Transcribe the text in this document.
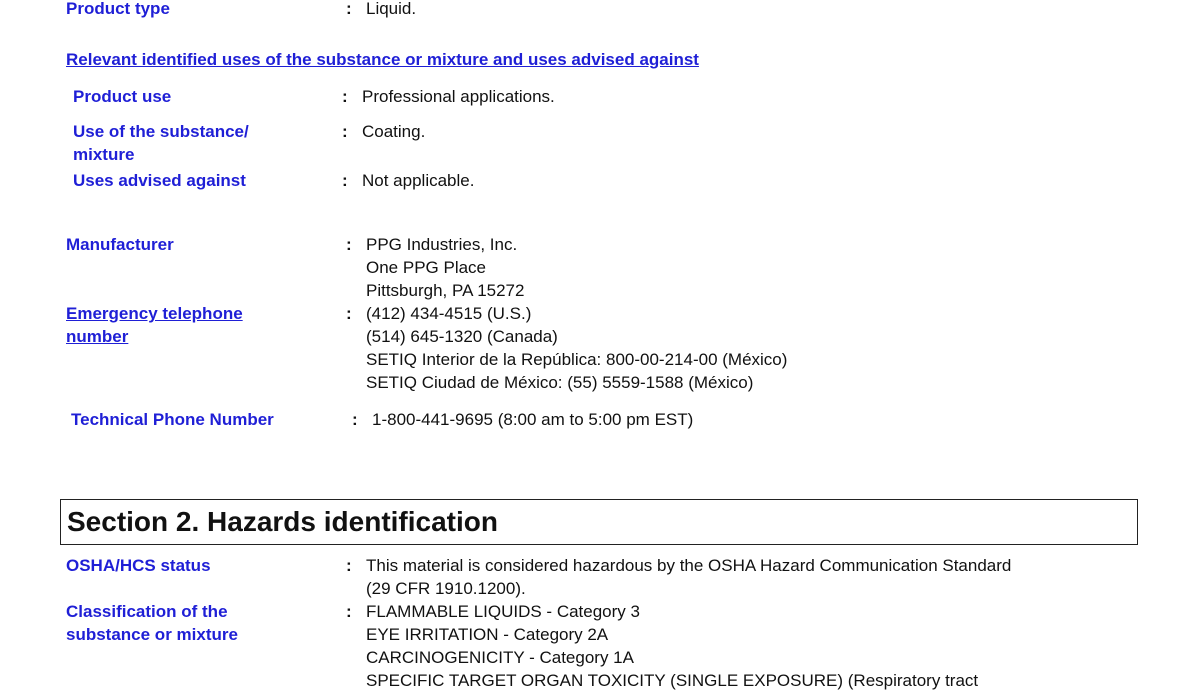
Product type	: Liquid.
Relevant identified uses of the substance or mixture and uses advised against
Product use	: Professional applications.
Use of the substance/
mixture
: Coating.
Uses advised against	: Not applicable.
Manufacturer	: PPG Industries, Inc.
One PPG Place
Pittsburgh, PA 15272
Emergency telephone
number
: (412) 434-4515 (U.S.)
(514) 645-1320 (Canada)
SETIQ Interior de la República: 800-00-214-00 (México)
SETIQ Ciudad de México: (55) 5559-1588 (México)
Technical Phone Number	: 1-800-441-9695 (8:00 am to 5:00 pm EST)
Section 2. Hazards identification
OSHA/HCS status	: This material is considered hazardous by the OSHA Hazard Communication Standard
(29 CFR 1910.1200).
Classification of the
substance or mixture
: FLAMMABLE LIQUIDS - Category 3
EYE IRRITATION - Category 2A
CARCINOGENICITY - Category 1A
SPECIFIC TARGET ORGAN TOXICITY (SINGLE EXPOSURE) (Respiratory tract
